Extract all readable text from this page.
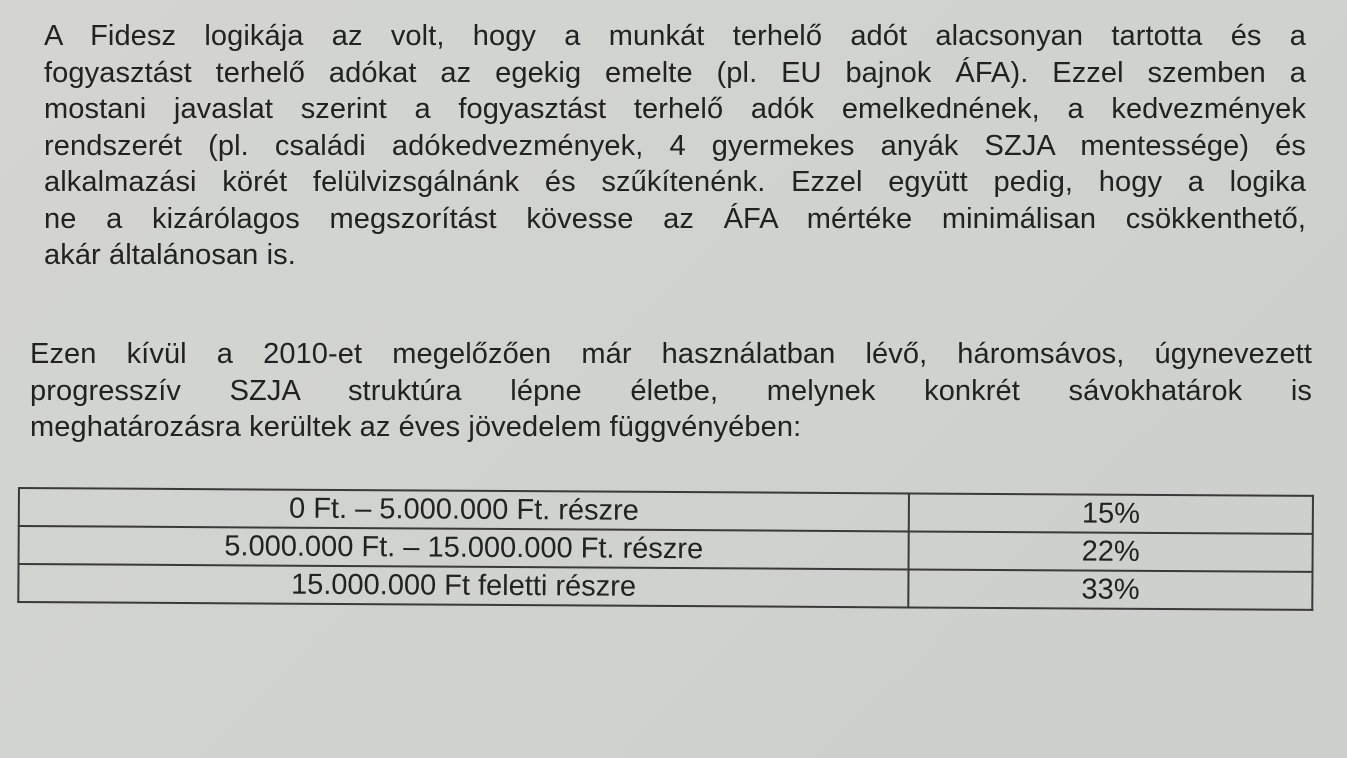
A Fidesz logikája az volt, hogy a munkát terhelő adót alacsonyan tartotta és a
fogyasztást terhelő adókat az egekig emelte (pl. EU bajnok ÁFA). Ezzel szemben a
mostani javaslat szerint a fogyasztást terhelő adók emelkednének, a kedvezmények
rendszerét (pl. családi adókedvezmények, 4 gyermekes anyák SZJA mentessége) és
alkalmazási körét felülvizsgálnánk és szűkítenénk. Ezzel együtt pedig, hogy a logika
ne a kizárólagos megszorítást kövesse az ÁFA mértéke minimálisan csökkenthető,
akár általánosan is.
Ezen kívül a 2010-et megelőzően már használatban lévő, háromsávos, úgynevezett
progresszív SZJA struktúra lépne életbe, melynek konkrét sávokhatárok is
meghatározásra kerültek az éves jövedelem függvényében:
0 Ft. – 5.000.000 Ft. részre	15%
5.000.000 Ft. – 15.000.000 Ft. részre	22%
15.000.000 Ft feletti részre	33%
